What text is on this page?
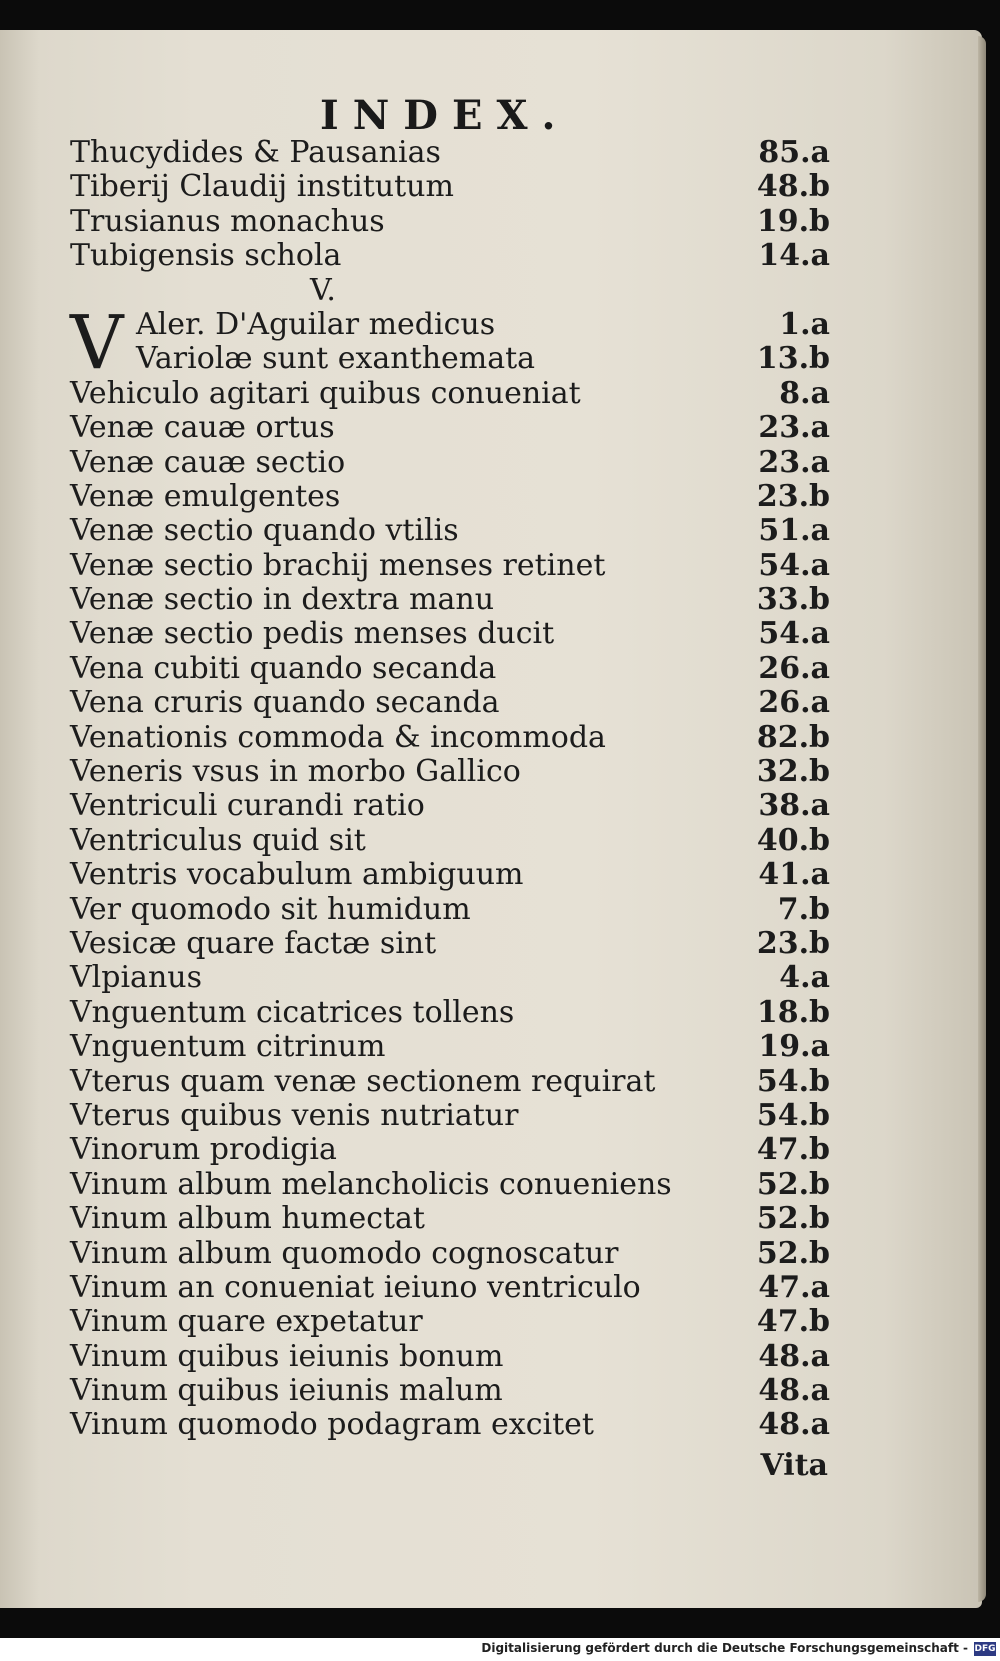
INDEX.
Thucydides & Pausanias	85.a
Tiberij Claudij institutum	48.b
Trusianus monachus	19.b
Tubigensis schola	14.a
V.
Aler. D'Aguilar medicus	1.a
V Variolæ sunt exanthemata	13.b
Vehiculo agitari quibus conueniat	8.a
Venæ cauæ ortus	23.a
Venæ cauæ sectio	23.a
Venæ emulgentes	23.b
Venæ sectio quando vtilis	51.a
Venæ sectio brachij menses retinet	54.a
Venæ sectio in dextra manu	33.b
Venæ sectio pedis menses ducit	54.a
Vena cubiti quando secanda	26.a
Vena cruris quando secanda	26.a
Venationis commoda & incommoda	82.b
Veneris vsus in morbo Gallico	32.b
Ventriculi curandi ratio	38.a
Ventriculus quid sit	40.b
Ventris vocabulum ambiguum	41.a
Ver quomodo sit humidum	7.b
Vesicæ quare factæ sint	23.b
Vlpianus	4.a
Vnguentum cicatrices tollens	18.b
Vnguentum citrinum	19.a
Vterus quam venæ sectionem requirat	54.b
Vterus quibus venis nutriatur	54.b
Vinorum prodigia	47.b
Vinum album melancholicis conueniens	52.b
Vinum album humectat	52.b
Vinum album quomodo cognoscatur	52.b
Vinum an conueniat ieiuno ventriculo	47.a
Vinum quare expetatur	47.b
Vinum quibus ieiunis bonum	48.a
Vinum quibus ieiunis malum	48.a
Vinum quomodo podagram excitet	48.a
Vita
Digitalisierung gefördert durch die Deutsche Forschungsgemeinschaft - DFG
